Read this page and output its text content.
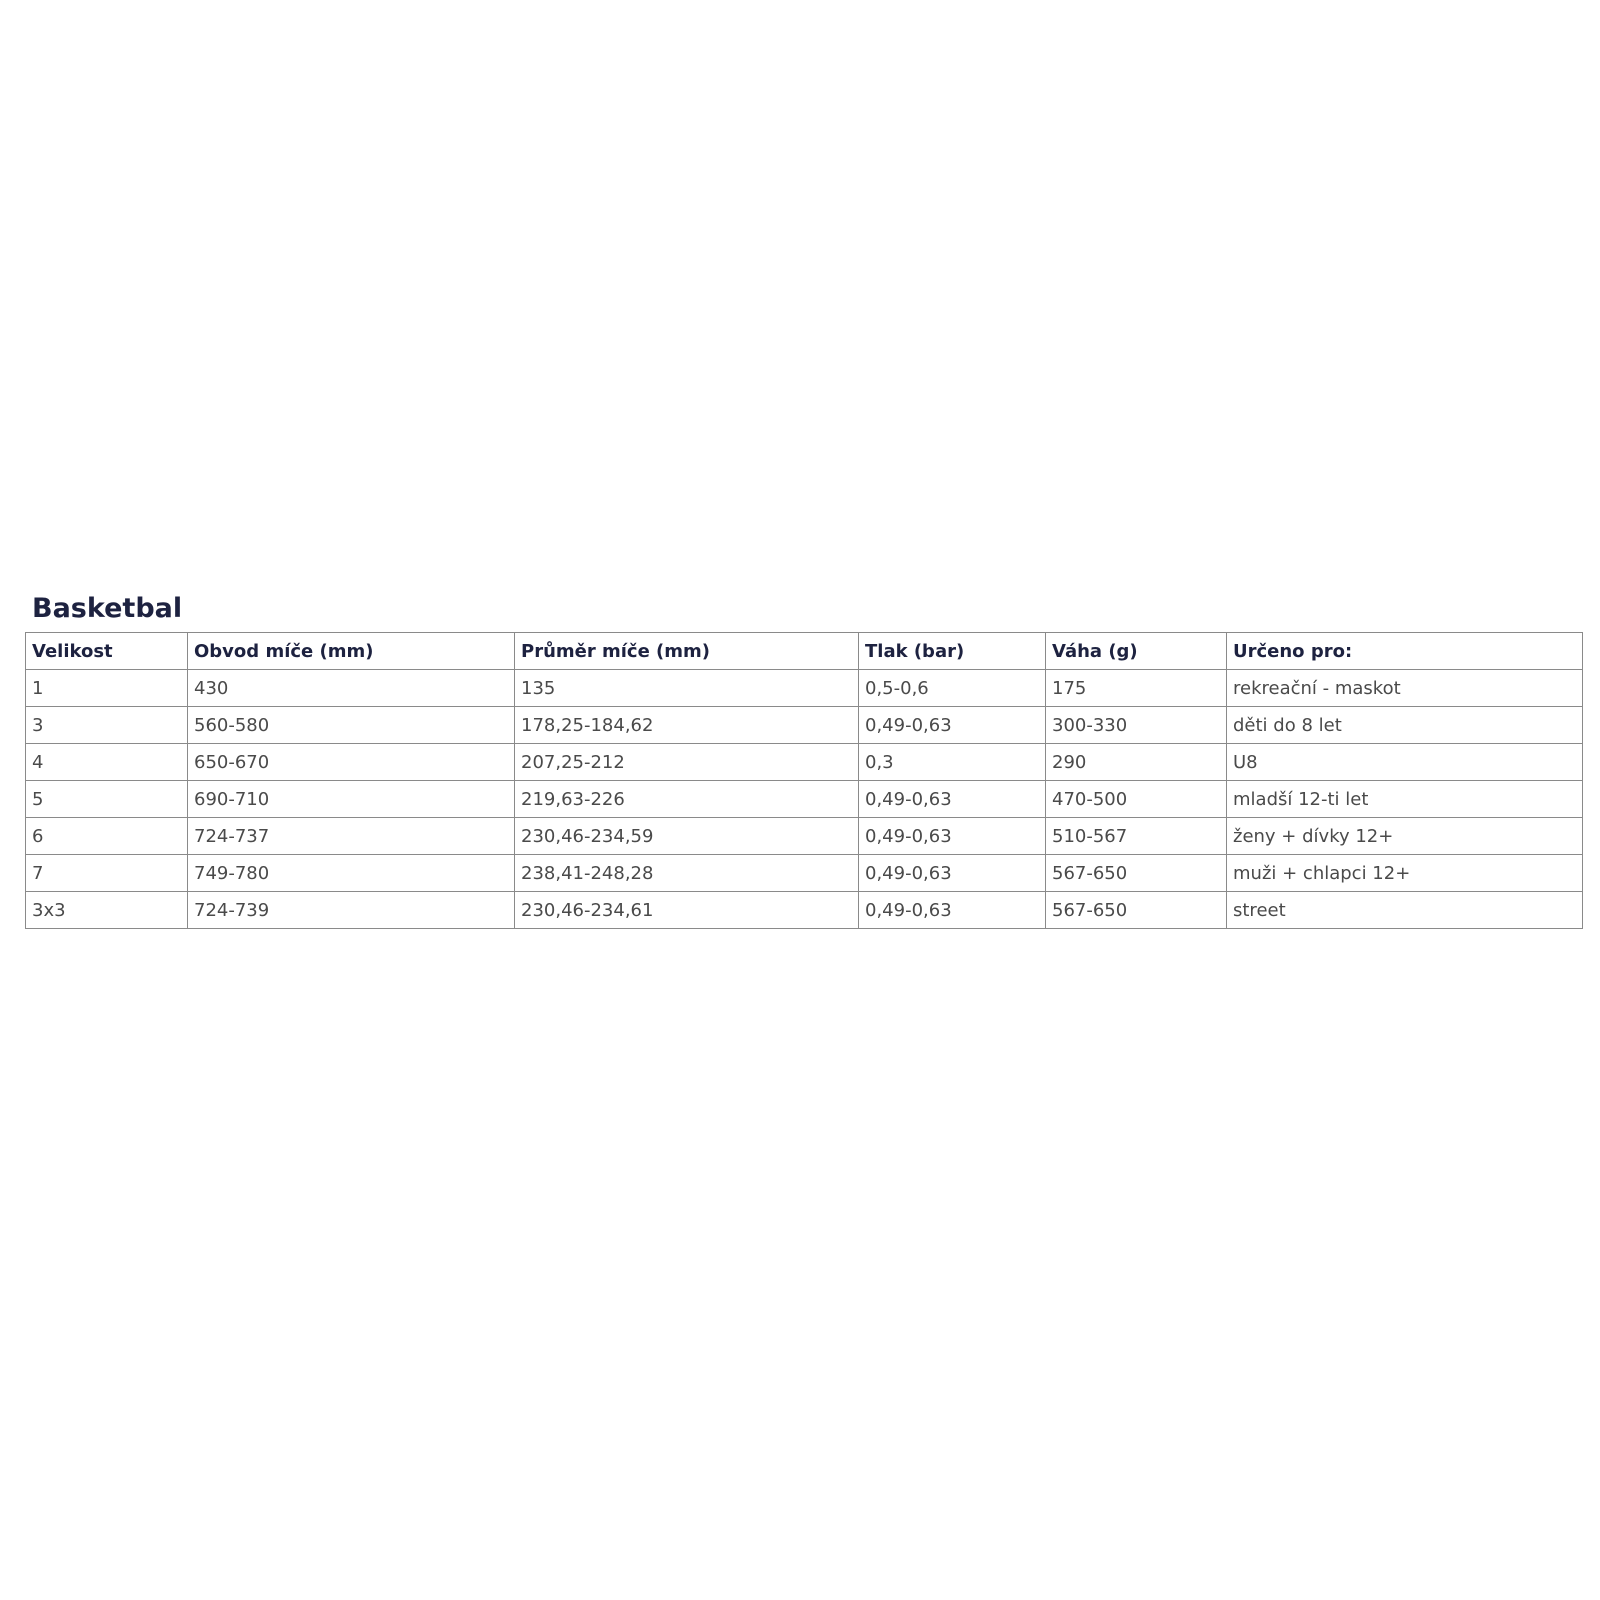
Basketbal
Velikost	Obvod míče (mm)	Průměr míče (mm)	Tlak (bar)	Váha (g)	Určeno pro:
1	430	135	0,5-0,6	175	rekreační - maskot
3	560-580	178,25-184,62	0,49-0,63	300-330	děti do 8 let
4	650-670	207,25-212	0,3	290	U8
5	690-710	219,63-226	0,49-0,63	470-500	mladší 12-ti let
6	724-737	230,46-234,59	0,49-0,63	510-567	ženy + dívky 12+
7	749-780	238,41-248,28	0,49-0,63	567-650	muži + chlapci 12+
3x3	724-739	230,46-234,61	0,49-0,63	567-650	street
